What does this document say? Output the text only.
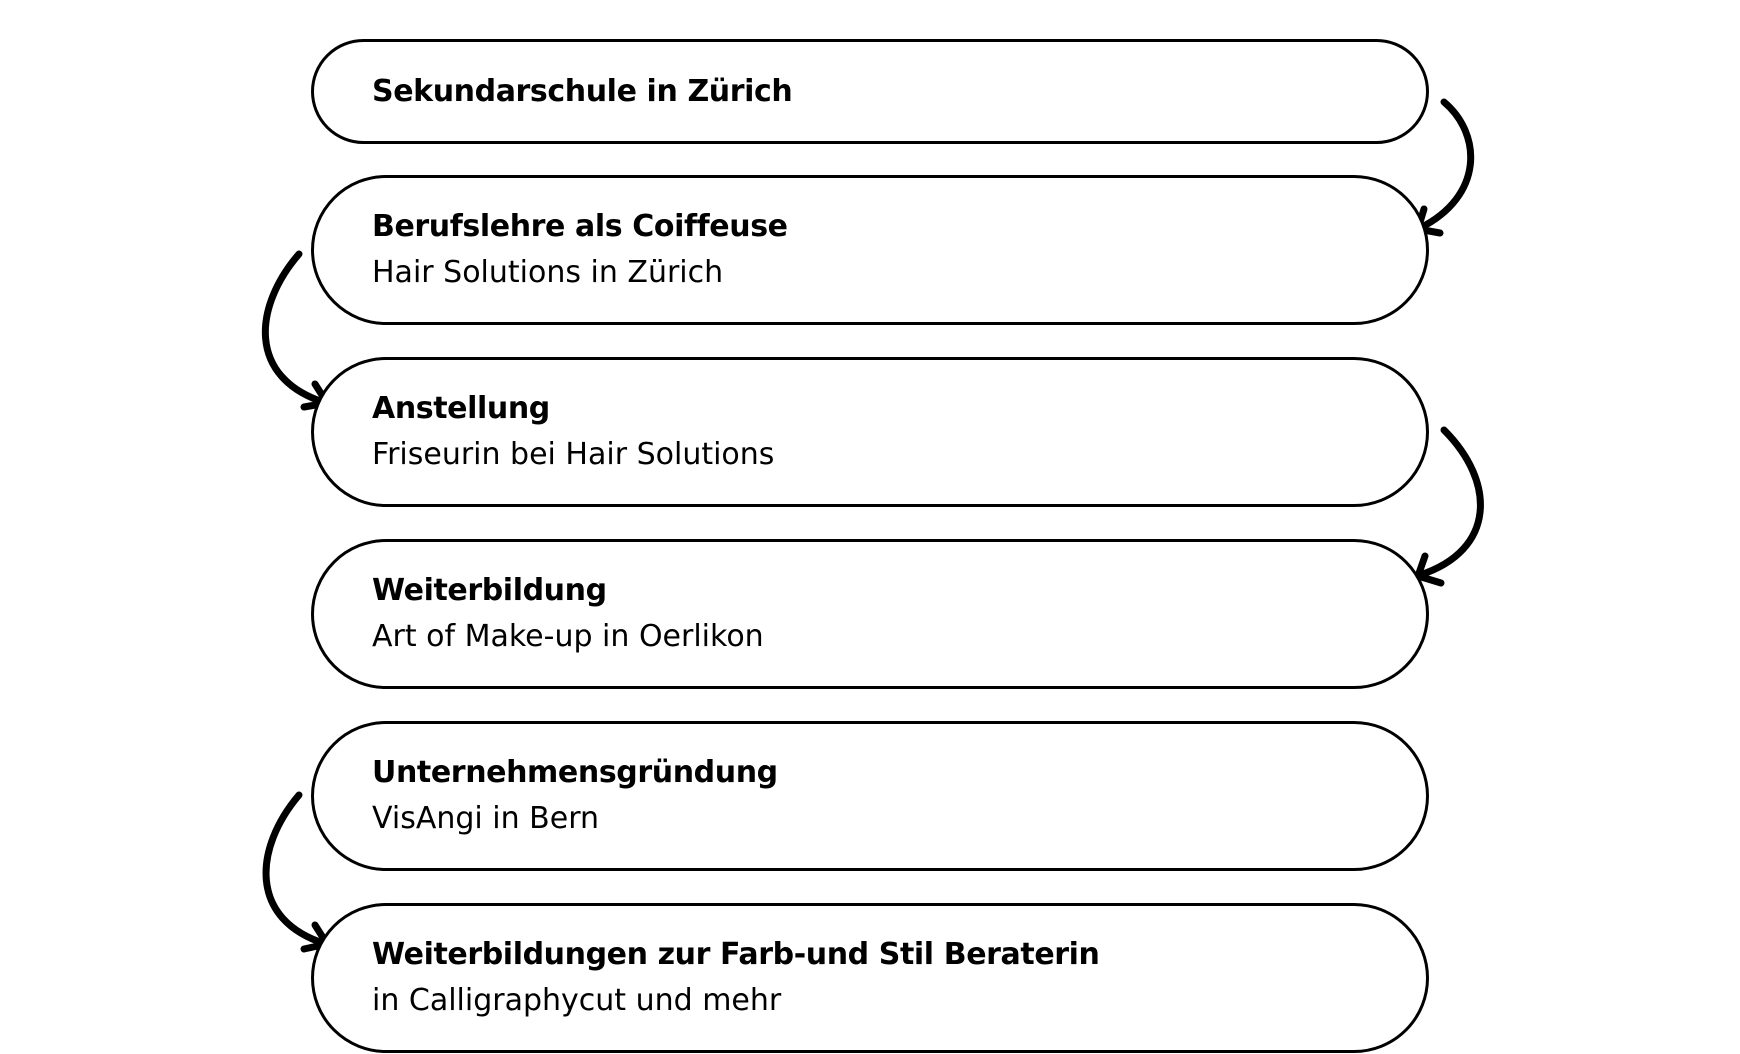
Sekundarschule in Zürich
Berufslehre als Coiffeuse
Hair Solutions in Zürich
Anstellung
Friseurin bei Hair Solutions
Weiterbildung
Art of Make-up in Oerlikon
Unternehmensgründung
VisAngi in Bern
Weiterbildungen zur Farb-und Stil Beraterin
in Calligraphycut und mehr
